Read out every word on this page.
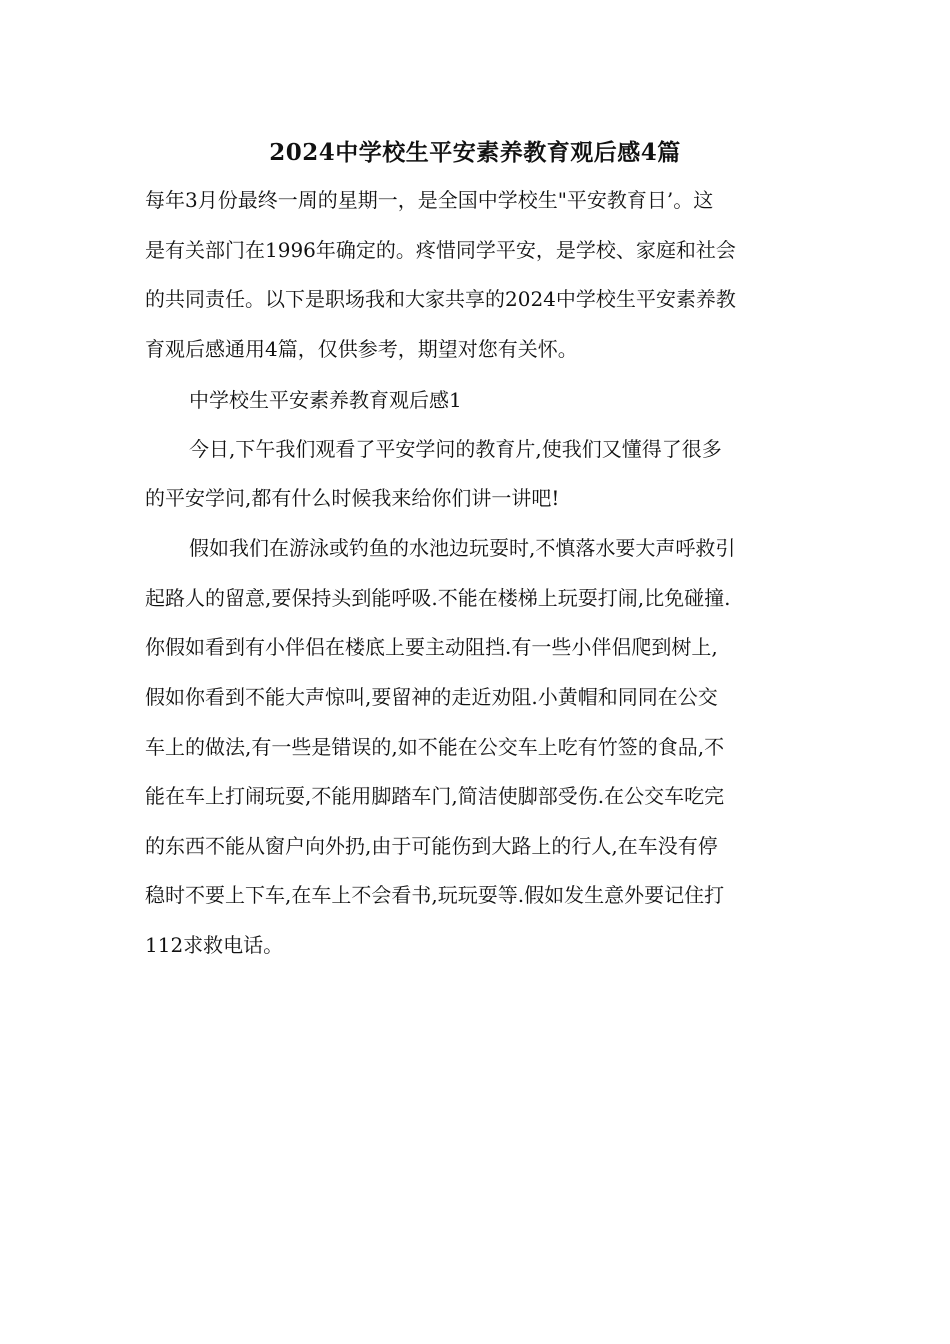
2024中学校生平安素养教育观后感4篇
每年3月份最终一周的星期一，是全国中学校生"平安教育日’。这
是有关部门在1996年确定的。疼惜同学平安，是学校、家庭和社会
的共同责任。以下是职场我和大家共享的2024中学校生平安素养教
育观后感通用4篇，仅供参考，期望对您有关怀。
中学校生平安素养教育观后感1
今日,下午我们观看了平安学问的教育片,使我们又懂得了很多
的平安学问,都有什么时候我来给你们讲一讲吧!
假如我们在游泳或钓鱼的水池边玩耍时,不慎落水要大声呼救引
起路人的留意,要保持头到能呼吸.不能在楼梯上玩耍打闹,比免碰撞.
你假如看到有小伴侣在楼底上要主动阻挡.有一些小伴侣爬到树上,
假如你看到不能大声惊叫,要留神的走近劝阻.小黄帽和同同在公交
车上的做法,有一些是错误的,如不能在公交车上吃有竹签的食品,不
能在车上打闹玩耍,不能用脚踏车门,简洁使脚部受伤.在公交车吃完
的东西不能从窗户向外扔,由于可能伤到大路上的行人,在车没有停
稳时不要上下车,在车上不会看书,玩玩耍等.假如发生意外要记住打
112求救电话。
